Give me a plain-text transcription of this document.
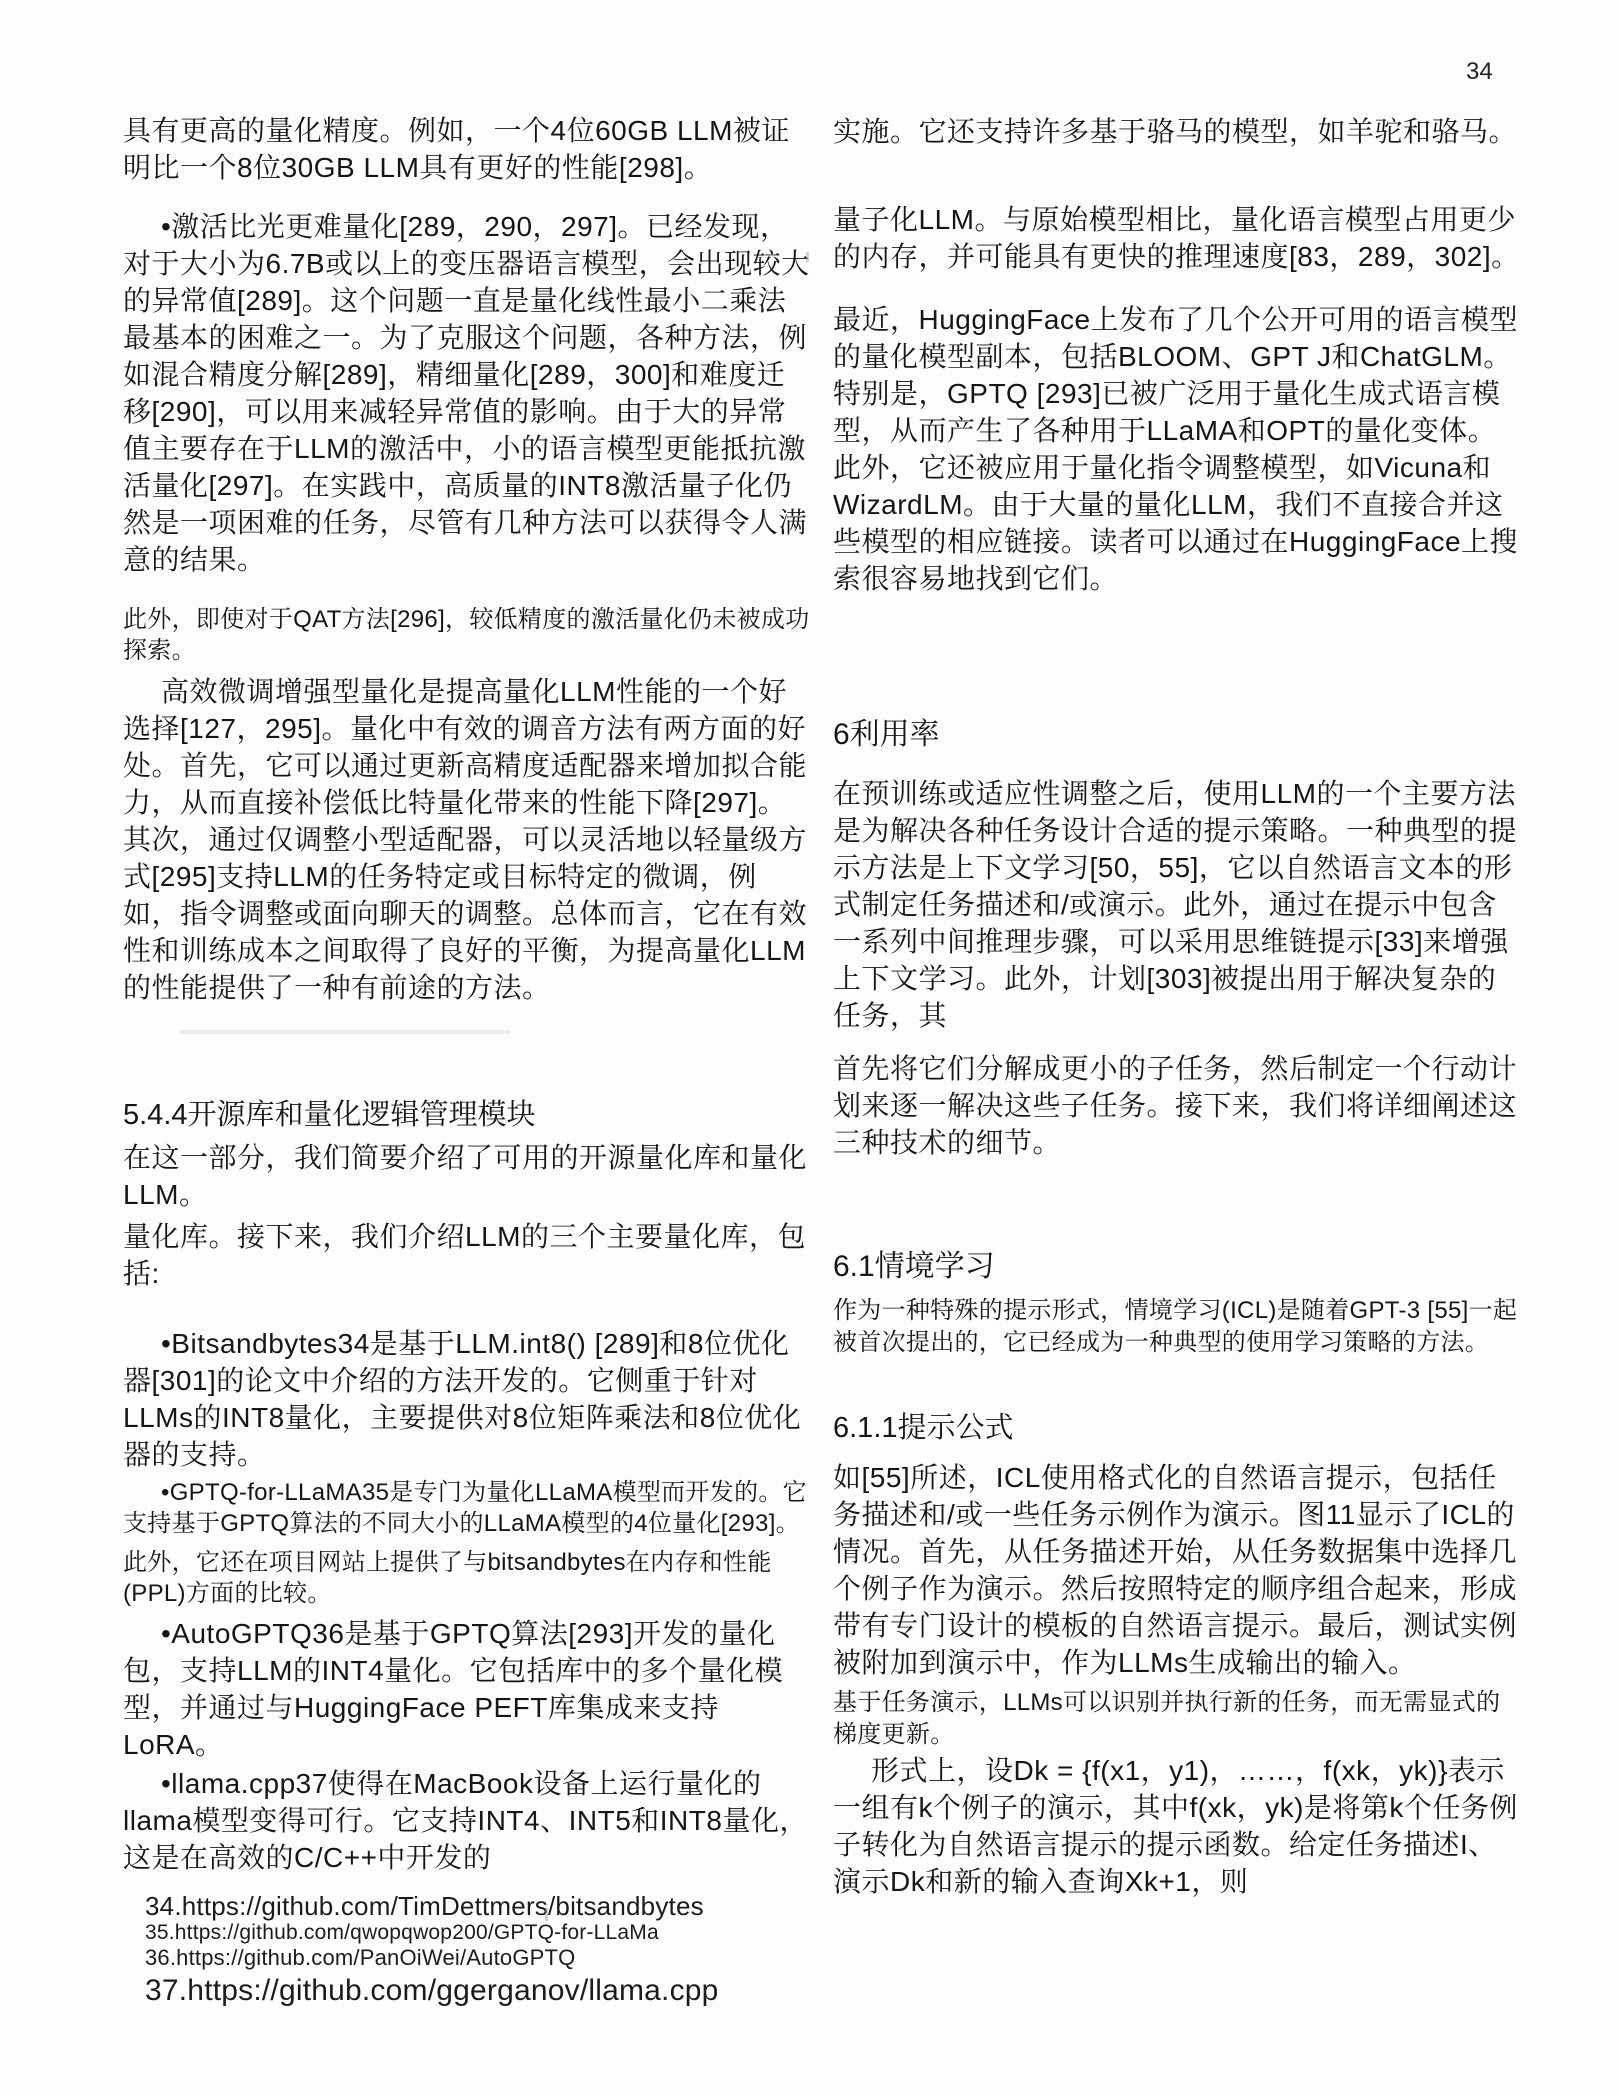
34

具有更高的量化精度。例如，一个4位60GB LLM被证明比一个8位30GB LLM具有更好的性能[298]。

•激活比光更难量化[289，290，297]。已经发现，对于大小为6.7B或以上的变压器语言模型，会出现较大的异常值[289]。这个问题一直是量化线性最小二乘法最基本的困难之一。为了克服这个问题，各种方法，例如混合精度分解[289]，精细量化[289，300]和难度迁移[290]，可以用来减轻异常值的影响。由于大的异常值主要存在于LLM的激活中，小的语言模型更能抵抗激活量化[297]。在实践中，高质量的INT8激活量子化仍然是一项困难的任务，尽管有几种方法可以获得令人满意的结果。

此外，即使对于QAT方法[296]，较低精度的激活量化仍未被成功探索。

高效微调增强型量化是提高量化LLM性能的一个好选择[127，295]。量化中有效的调音方法有两方面的好处。首先，它可以通过更新高精度适配器来增加拟合能力，从而直接补偿低比特量化带来的性能下降[297]。其次，通过仅调整小型适配器，可以灵活地以轻量级方式[295]支持LLM的任务特定或目标特定的微调，例如，指令调整或面向聊天的调整。总体而言，它在有效性和训练成本之间取得了良好的平衡，为提高量化LLM的性能提供了一种有前途的方法。

5.4.4开源库和量化逻辑管理模块

在这一部分，我们简要介绍了可用的开源量化库和量化LLM。

量化库。接下来，我们介绍LLM的三个主要量化库，包括:

•Bitsandbytes34是基于LLM.int8() [289]和8位优化器[301]的论文中介绍的方法开发的。它侧重于针对LLMs的INT8量化，主要提供对8位矩阵乘法和8位优化器的支持。

•GPTQ-for-LLaMA35是专门为量化LLaMA模型而开发的。它支持基于GPTQ算法的不同大小的LLaMA模型的4位量化[293]。

此外，它还在项目网站上提供了与bitsandbytes在内存和性能(PPL)方面的比较。

•AutoGPTQ36是基于GPTQ算法[293]开发的量化包，支持LLM的INT4量化。它包括库中的多个量化模型，并通过与HuggingFace PEFT库集成来支持LoRA。

•llama.cpp37使得在MacBook设备上运行量化的llama模型变得可行。它支持INT4、INT5和INT8量化，这是在高效的C/C++中开发的

34.https://github.com/TimDettmers/bitsandbytes

35.https://github.com/qwopqwop200/GPTQ-for-LLaMa

36.https://github.com/PanOiWei/AutoGPTQ

37.https://github.com/ggerganov/llama.cpp

实施。它还支持许多基于骆马的模型，如羊驼和骆马。

量子化LLM。与原始模型相比，量化语言模型占用更少的内存，并可能具有更快的推理速度[83，289，302]。

最近，HuggingFace上发布了几个公开可用的语言模型的量化模型副本，包括BLOOM、GPT J和ChatGLM。特别是，GPTQ [293]已被广泛用于量化生成式语言模型，从而产生了各种用于LLaMA和OPT的量化变体。此外，它还被应用于量化指令调整模型，如Vicuna和WizardLM。由于大量的量化LLM，我们不直接合并这些模型的相应链接。读者可以通过在HuggingFace上搜索很容易地找到它们。

6利用率

在预训练或适应性调整之后，使用LLM的一个主要方法是为解决各种任务设计合适的提示策略。一种典型的提示方法是上下文学习[50，55]，它以自然语言文本的形式制定任务描述和/或演示。此外，通过在提示中包含一系列中间推理步骤，可以采用思维链提示[33]来增强上下文学习。此外，计划[303]被提出用于解决复杂的任务，其

首先将它们分解成更小的子任务，然后制定一个行动计划来逐一解决这些子任务。接下来，我们将详细阐述这三种技术的细节。

6.1情境学习

作为一种特殊的提示形式，情境学习(ICL)是随着GPT-3 [55]一起被首次提出的，它已经成为一种典型的使用学习策略的方法。

6.1.1提示公式

如[55]所述，ICL使用格式化的自然语言提示，包括任务描述和/或一些任务示例作为演示。图11显示了ICL的情况。首先，从任务描述开始，从任务数据集中选择几个例子作为演示。然后按照特定的顺序组合起来，形成带有专门设计的模板的自然语言提示。最后，测试实例被附加到演示中，作为LLMs生成输出的输入。

基于任务演示，LLMs可以识别并执行新的任务，而无需显式的梯度更新。

形式上，设Dk = {f(x1，y1)，……，f(xk，yk)}表示一组有k个例子的演示，其中f(xk，yk)是将第k个任务例子转化为自然语言提示的提示函数。给定任务描述I、演示Dk和新的输入查询Xk+1，则
